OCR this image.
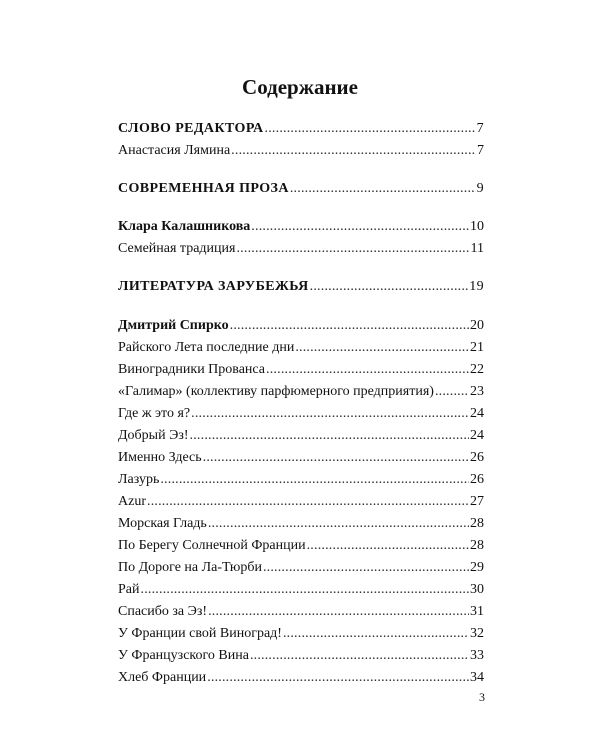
Содержание
СЛОВО РЕДАКТОРА .....	7
Анастасия Лямина .....	7
СОВРЕМЕННАЯ ПРОЗА .....	9
Клара Калашникова .....	10
Семейная традиция .....	11
ЛИТЕРАТУРА ЗАРУБЕЖЬЯ .....	19
Дмитрий Спирко .....	20
Райского Лета последние дни .....	21
Виноградники Прованса .....	22
«Галимар» (коллективу парфюмерного предприятия) .....	23
Где ж это я? .....	24
Добрый Эз! .....	24
Именно Здесь .....	26
Лазурь .....	26
Azur .....	27
Морская Гладь .....	28
По Берегу Солнечной Франции .....	28
По Дороге на Ла-Тюрби .....	29
Рай .....	30
Спасибо за Эз! .....	31
У Франции свой Виноград! .....	32
У Французского Вина .....	33
Хлеб Франции .....	34
3
